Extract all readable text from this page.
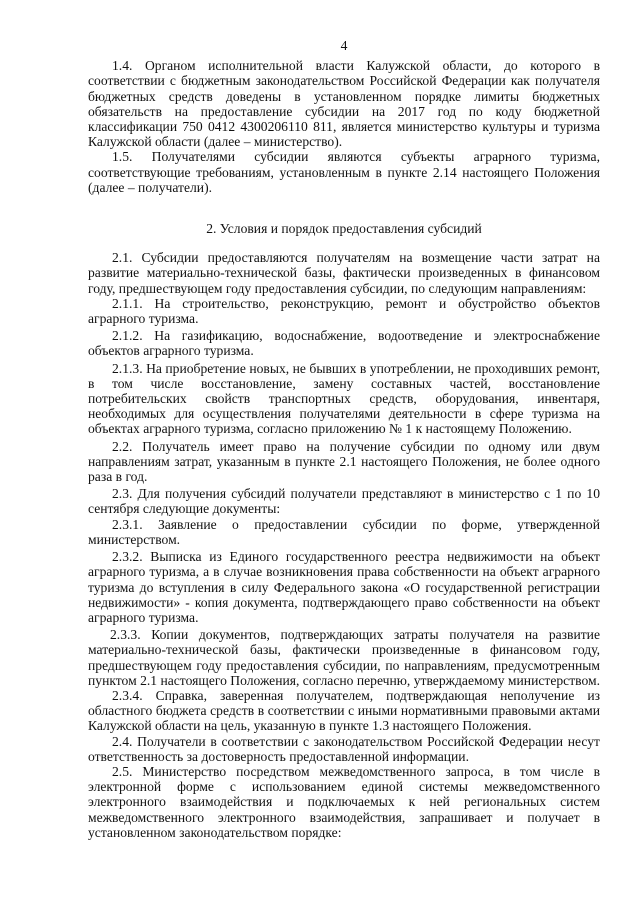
4

1.4. Органом исполнительной власти Калужской области, до которого в соответствии с бюджетным законодательством Российской Федерации как получателя бюджетных средств доведены в установленном порядке лимиты бюджетных обязательств на предоставление субсидии на 2017 год по коду бюджетной классификации 750 0412 4300206110 811, является министерство культуры и туризма Калужской области (далее – министерство).

1.5. Получателями субсидии являются субъекты аграрного туризма, соответствующие требованиям, установленным в пункте 2.14 настоящего Положения (далее – получатели).

2. Условия и порядок предоставления субсидий

2.1. Субсидии предоставляются получателям на возмещение части затрат на развитие материально-технической базы, фактически произведенных в финансовом году, предшествующем году предоставления субсидии, по следующим направлениям:

2.1.1. На строительство, реконструкцию, ремонт и обустройство объектов аграрного туризма.

2.1.2. На газификацию, водоснабжение, водоотведение и электроснабжение объектов аграрного туризма.

2.1.3. На приобретение новых, не бывших в употреблении, не проходивших ремонт, в том числе восстановление, замену составных частей, восстановление потребительских свойств транспортных средств, оборудования, инвентаря, необходимых для осуществления получателями деятельности в сфере туризма на объектах аграрного туризма, согласно приложению № 1 к настоящему Положению.

2.2. Получатель имеет право на получение субсидии по одному или двум направлениям затрат, указанным в пункте 2.1 настоящего Положения, не более одного раза в год.

2.3. Для получения субсидий получатели представляют в министерство с 1 по 10 сентября следующие документы:

2.3.1. Заявление о предоставлении субсидии по форме, утвержденной министерством.

2.3.2. Выписка из Единого государственного реестра недвижимости на объект аграрного туризма, а в случае возникновения права собственности на объект аграрного туризма до вступления в силу Федерального закона «О государственной регистрации недвижимости» - копия документа, подтверждающего право собственности на объект аграрного туризма.

2.3.3. Копии документов, подтверждающих затраты получателя на развитие материально-технической базы, фактически произведенные в финансовом году, предшествующем году предоставления субсидии, по направлениям, предусмотренным пунктом 2.1 настоящего Положения, согласно перечню, утверждаемому министерством.

2.3.4. Справка, заверенная получателем, подтверждающая неполучение из областного бюджета средств в соответствии с иными нормативными правовыми актами Калужской области на цель, указанную в пункте 1.3 настоящего Положения.

2.4. Получатели в соответствии с законодательством Российской Федерации несут ответственность за достоверность предоставленной информации.

2.5. Министерство посредством межведомственного запроса, в том числе в электронной форме с использованием единой системы межведомственного электронного взаимодействия и подключаемых к ней региональных систем межведомственного электронного взаимодействия, запрашивает и получает в установленном законодательством порядке:
